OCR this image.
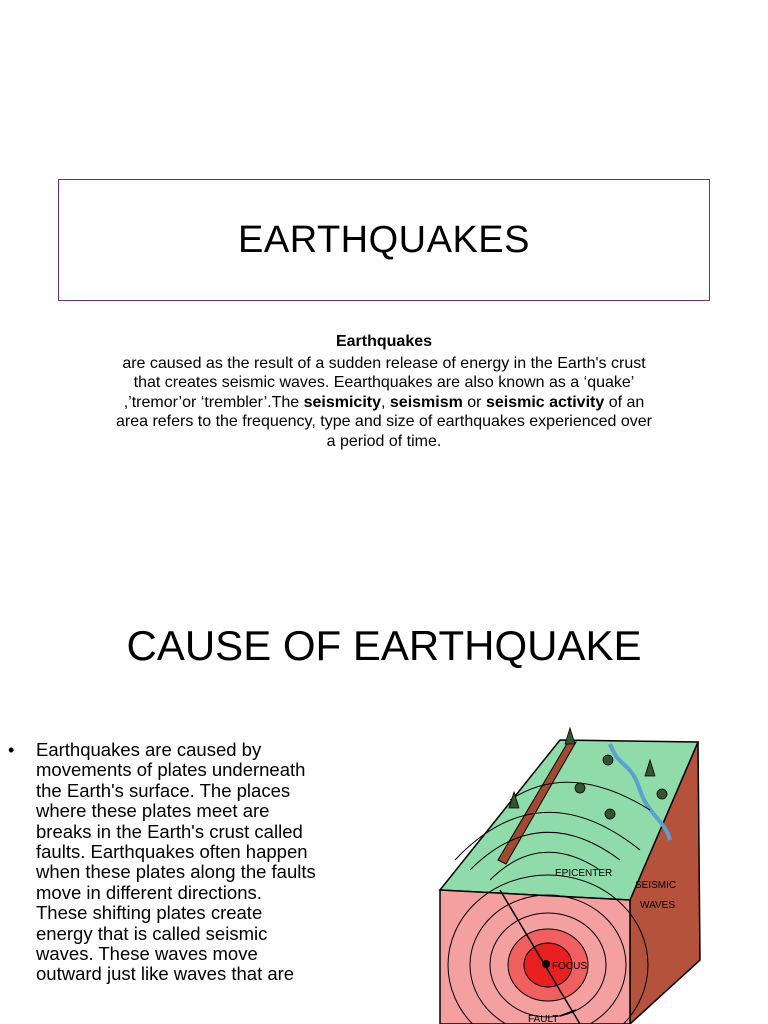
EARTHQUAKES
Earthquakes
are caused as the result of a sudden release of energy in the Earth's crust that creates seismic waves. Eearthquakes are also known as a ‘quake’ ,’tremor’or ‘trembler’.The seismicity, seismism or seismic activity of an area refers to the frequency, type and size of earthquakes experienced over a period of time.
CAUSE OF EARTHQUAKE
• Earthquakes are caused by movements of plates underneath the Earth's surface. The places where these plates meet are breaks in the Earth's crust called faults. Earthquakes often happen when these plates along the faults move in different directions. These shifting plates create energy that is called seismic waves. These waves move outward just like waves that are
EPICENTER
SEISMIC
WAVES
FOCUS
FAULT
